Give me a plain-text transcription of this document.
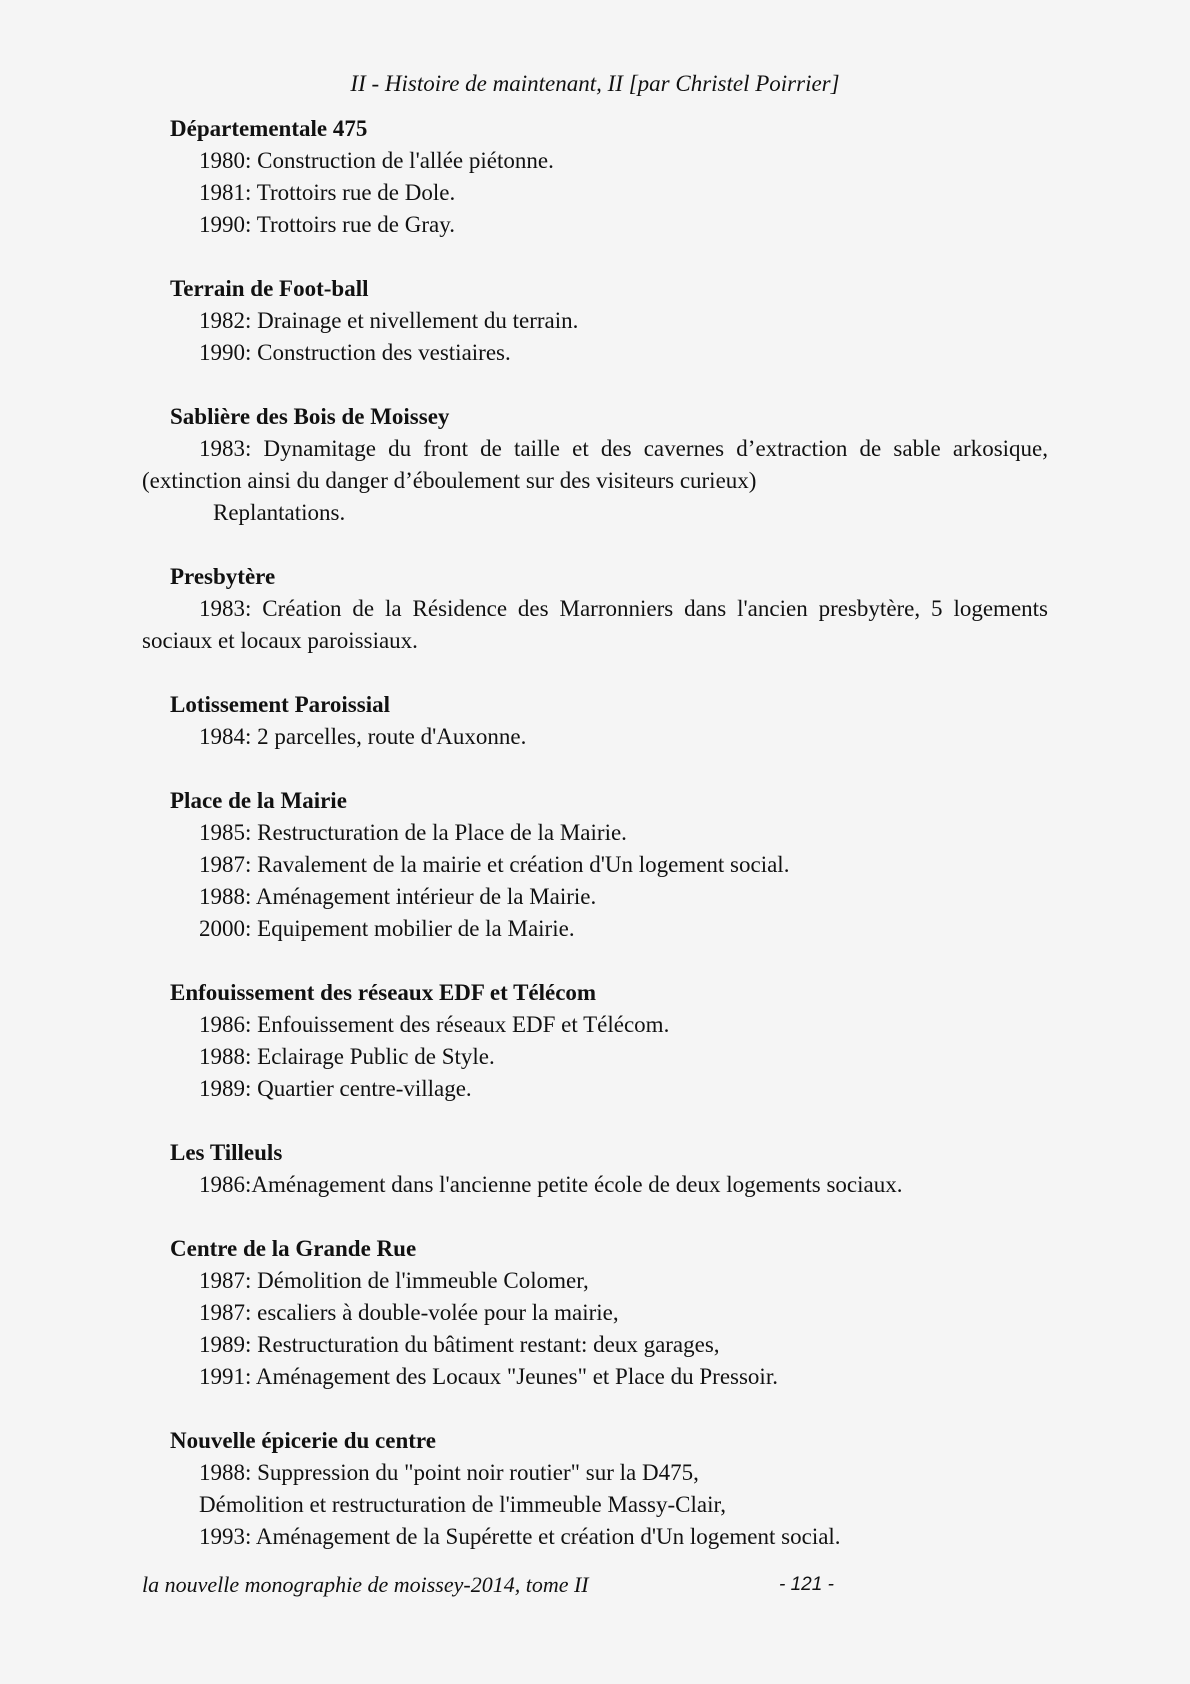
II - Histoire de maintenant, II [par Christel Poirrier]
Départementale 475
1980: Construction de l'allée piétonne.
1981: Trottoirs rue de Dole.
1990: Trottoirs rue de Gray.
Terrain de Foot-ball
1982: Drainage et nivellement du terrain.
1990: Construction des vestiaires.
Sablière des Bois de Moissey
1983: Dynamitage du front de taille et des cavernes d’extraction de sable arkosique, (extinction ainsi du danger d’éboulement sur des visiteurs curieux)
Replantations.
Presbytère
1983: Création de la Résidence des Marronniers dans l'ancien presbytère, 5 logements sociaux et locaux paroissiaux.
Lotissement Paroissial
1984: 2 parcelles, route d'Auxonne.
Place de la Mairie
1985: Restructuration de la Place de la Mairie.
1987: Ravalement de la mairie et création d'Un logement social.
1988: Aménagement intérieur de la Mairie.
2000: Equipement mobilier de la Mairie.
Enfouissement des réseaux EDF et Télécom
1986: Enfouissement des réseaux EDF et Télécom.
1988: Eclairage Public de Style.
1989: Quartier centre-village.
Les Tilleuls
1986:Aménagement dans l'ancienne petite école de deux logements sociaux.
Centre de la Grande Rue
1987: Démolition de l'immeuble Colomer,
1987: escaliers à double-volée pour la mairie,
1989: Restructuration du bâtiment restant: deux garages,
1991: Aménagement des Locaux "Jeunes" et Place du Pressoir.
Nouvelle épicerie du centre
1988: Suppression du "point noir routier" sur la D475,
Démolition et restructuration de l'immeuble Massy-Clair,
1993: Aménagement de la Supérette et création d'Un logement social.
la nouvelle monographie de moissey-2014, tome II	- 121 -
